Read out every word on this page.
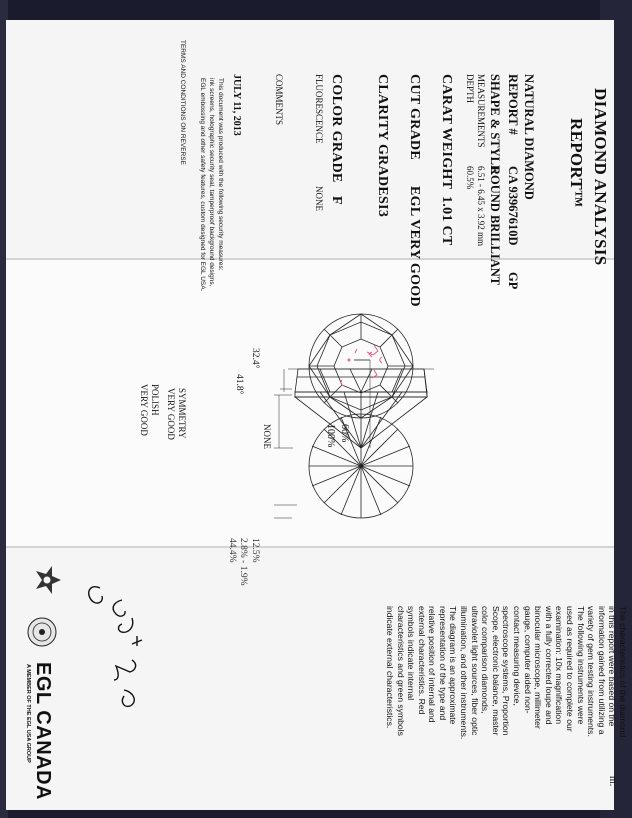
DIAMOND ANALYSIS
REPORT™
NATURAL DIAMOND
REPORT #
CA 93967610D
GP
SHAPE & STYLE
ROUND BRILLIANT
MEASUREMENTS
6.51 - 6.45 x 3.92 mm
DEPTH
60.5%
CARAT WEIGHT
1.01 CT
CUT GRADE
EGL VERY GOOD
CLARITY GRADE
SI3
COLOR GRADE
F
FLUORESCENCE
NONE
COMMENTS
JULY 11, 2013
This document was produced with the following security measures:
ink screens, holographic security seal, tamperproof background designs,
EGL embossing and other safety features, custom designed for EGL USA.
TERMS AND CONDITIONS ON REVERSE
100% 60%
32.4°
41.8°
12.5%
2.8% - 1.9%
44.4%
NONE
POLISH
VERY GOOD	SYMMETRY
VERY GOOD
The characteristics of the diamond
in this report were based on the
information gained from utilizing a
variety of gem testing instruments.
The following instruments were
used as required to complete our
examination: 10x magnification
with a fully corrected loupe and
binocular microscope, millimeter
gauge, computer aided non-
contact measuring device,
spectroscope systems, Proportion
Scope, electronic balance, master
color comparison diamonds,
ultraviolet light sources, fiber optic
illumination, and other instruments.
The diagram is an approximate
representation of the type and
relative position of internal and
external characteristics. Red
symbols indicate internal
characteristics and green symbols
indicate external characteristics.
EGL CANADA
A MEMBER OF THE EGL USA GROUP
m.
